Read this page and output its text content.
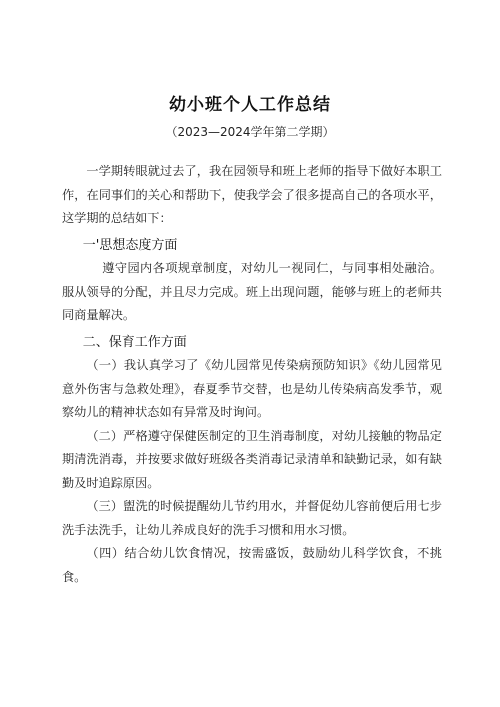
幼小班个人工作总结
（2023—2024学年第二学期）

一学期转眼就过去了，我在园领导和班上老师的指导下做好本职工作，在同事们的关心和帮助下，使我学会了很多提高自己的各项水平，这学期的总结如下：

一'思想态度方面

遵守园内各项规章制度，对幼儿一视同仁，与同事相处融洽。服从领导的分配，并且尽力完成。班上出现问题，能够与班上的老师共同商量解决。

二、保育工作方面

（一）我认真学习了《幼儿园常见传染病预防知识》《幼儿园常见意外伤害与急救处理》，春夏季节交替，也是幼儿传染病高发季节，观察幼儿的精神状态如有异常及时询问。

（二）严格遵守保健医制定的卫生消毒制度，对幼儿接触的物品定期清洗消毒，并按要求做好班级各类消毒记录清单和缺勤记录，如有缺勤及时追踪原因。

（三）盥洗的时候提醒幼儿节约用水，并督促幼儿容前便后用七步洗手法洗手，让幼儿养成良好的洗手习惯和用水习惯。

（四）结合幼儿饮食情况，按需盛饭，鼓励幼儿科学饮食，不挑食。
